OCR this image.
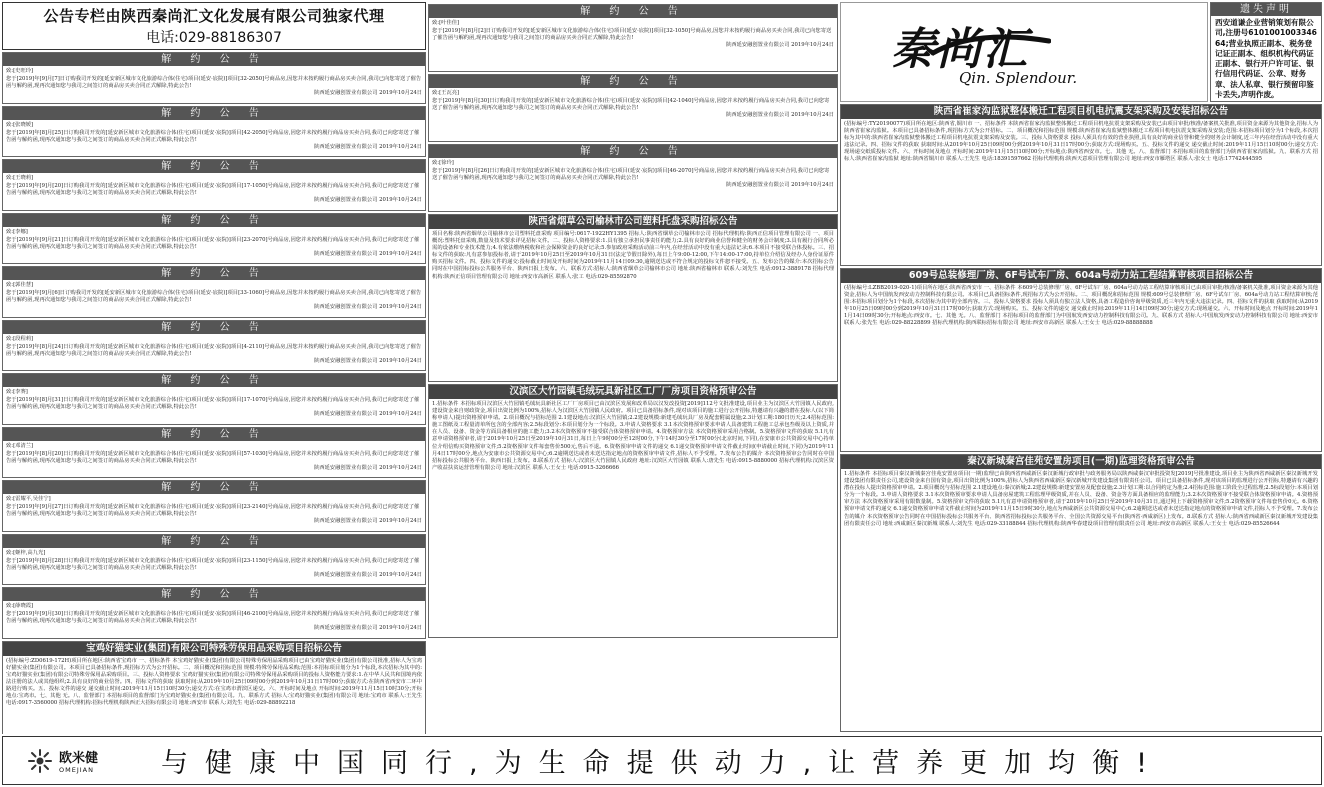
公告专栏由陕西秦尚汇文化发展有限公司独家代理
电话:029-88186307
解 约 公 告
致:[史旺玲]
您于[2019]年[9]月[7]日订购我司开发的[延安新区城市文化旅游综合体(住宅)项目(延安·宸院)]项目[32-2050]号商品房,因您并未按约履行商品房买卖合同,我司已向您寄送了催告函与解约函,现再次通知您与我司之间签订的商品房买卖合同正式解除,特此公告!
陕西延安融创置业有限公司 2019年10月24日
解 约 公 告
致:[张晓媛]
您于[2019]年[8]月[25]日订购我司开发的[延安新区城市文化旅游综合体(住宅)项目(延安·宸院)]项目[42-2050]号商品房,因您并未按约履行商品房买卖合同,我司已向您寄送了催告函与解约函,现再次通知您与我司之间签订的商品房买卖合同正式解除,特此公告!
陕西延安融创置业有限公司 2019年10月24日
解 约 公 告
致:[王晓莉]
您于[2019]年[9]月[20]日订购我司开发的[延安新区城市文化旅游综合体(住宅)项目(延安·宸院)]项目[17-1050]号商品房,因您并未按约履行商品房买卖合同,我司已向您寄送了催告函与解约函,现再次通知您与我司之间签订的商品房买卖合同正式解除,特此公告!
陕西延安融创置业有限公司 2019年10月24日
解 约 公 告
致:[李娜]
您于[2019]年[9]月[21]日订购我司开发的[延安新区城市文化旅游综合体(住宅)项目(延安·宸院)]项目[23-2070]号商品房,因您并未按约履行商品房买卖合同,我司已向您寄送了催告函与解约函,现再次通知您与我司之间签订的商品房买卖合同正式解除,特此公告!
陕西延安融创置业有限公司 2019年10月24日
解 约 公 告
致:[郭佳慧]
您于[2019]年[9]月[6]日订购我司开发的[延安新区城市文化旅游综合体(住宅)项目(延安·宸院)]项目[33-1060]号商品房,因您并未按约履行商品房买卖合同,我司已向您寄送了催告函与解约函,现再次通知您与我司之间签订的商品房买卖合同正式解除,特此公告!
陕西延安融创置业有限公司 2019年10月24日
解 约 公 告
致:[段程莉]
您于[2019]年[8]月[24]日订购我司开发的[延安新区城市文化旅游综合体(住宅)项目(延安·宸院)]项目[4-2110]号商品房,因您并未按约履行商品房买卖合同,我司已向您寄送了催告函与解约函,现再次通知您与我司之间签订的商品房买卖合同正式解除,特此公告!
陕西延安融创置业有限公司 2019年10月24日
解 约 公 告
致:[李赛]
您于[2019]年[8]月[31]日订购我司开发的[延安新区城市文化旅游综合体(住宅)项目(延安·宸院)]项目[17-1070]号商品房,因您并未按约履行商品房买卖合同,我司已向您寄送了催告函与解约函,现再次通知您与我司之间签订的商品房买卖合同正式解除,特此公告!
陕西延安融创置业有限公司 2019年10月24日
解 约 公 告
致:[邓清兰]
您于[2019]年[8]月[20]日订购我司开发的[延安新区城市文化旅游综合体(住宅)项目(延安·宸院)]项目[57-1030]号商品房,因您并未按约履行商品房买卖合同,我司已向您寄送了催告函与解约函,现再次通知您与我司之间签订的商品房买卖合同正式解除,特此公告!
陕西延安融创置业有限公司 2019年10月24日
解 约 公 告
致:[雷耀平,吴佳宁]
您于[2019]年[9]月[27]日订购我司开发的[延安新区城市文化旅游综合体(住宅)项目(延安·宸院)]项目[23-2140]号商品房,因您并未按约履行商品房买卖合同,我司已向您寄送了催告函与解约函,现再次通知您与我司之间签订的商品房买卖合同正式解除,特此公告!
陕西延安融创置业有限公司 2019年10月24日
解 约 公 告
致:[姬梓,高九光]
您于[2019]年[8]月[28]日订购我司开发的[延安新区城市文化旅游综合体(住宅)项目(延安·宸院)]项目[23-1150]号商品房,因您并未按约履行商品房买卖合同,我司已向您寄送了催告函与解约函,现再次通知您与我司之间签订的商品房买卖合同正式解除,特此公告!
陕西延安融创置业有限公司 2019年10月24日
解 约 公 告
致:[薛晓霞]
您于[2019]年[9]月[30]日订购我司开发的[延安新区城市文化旅游综合体(住宅)项目(延安·宸院)]项目[46-2100]号商品房,因您并未按约履行商品房买卖合同,我司已向您寄送了催告函与解约函,现再次通知您与我司之间签订的商品房买卖合同正式解除,特此公告!
陕西延安融创置业有限公司 2019年10月24日
宝鸡好猫实业(集团)有限公司特殊劳保用品采购项目招标公告
(招标编号:ZD0619-172H)项目所在地区:陕西省宝鸡市 一、招标条件 本宝鸡好猫实业(集团)有限公司特殊劳保用品采购项目已由宝鸡好猫实业(集团)有限公司批准,招标人为宝鸡好猫实业(集团)有限公司。本项目已具备招标条件,现招标方式为公开招标。二、项目概况和招标范围 规模:特殊劳保用品采购;范围:本招标项目划分为1个标段,本次招标为其中的:宝鸡好猫实业(集团)有限公司特殊劳保用品采购项目。三、投标人资格要求 宝鸡好猫实业(集团)有限公司特殊劳保用品采购项目的投标人资格能力要求:1.在中华人民共和国境内依法注册的法人或其他组织;2.具有良好的商业信誉。四、招标文件的获取 获取时间:从2019年10月25日09时00分到2019年10月31日17时00分;获取方式:在陕西省西安市二环中路进行购买。五、投标文件的递交 递交截止时间:2019年11月15日10时30分;递交方式:在宝鸡市渭滨区递交。六、开标时间及地点 开标时间:2019年11月15日10时30分;开标地点:宝鸡市。七、其他 无。八、监督部门 本招标项目的监督部门为宝鸡好猫实业(集团)有限公司。九、联系方式 招标人:宝鸡好猫实业(集团)有限公司 地址:宝鸡市 联系人:王先生 电话:0917-3560000 招标代理机构:招标代理机构陕西正大招标有限公司 地址:西安市 联系人:刘先生 电话:029-88892218
解 约 公 告
致:[叶佳佳]
您于[2019]年[8]月[2]日订购我司开发的[延安新区城市文化旅游综合体(住宅)项目(延安·宸院)]项目[32-1050]号商品房,因您并未按约履行商品房买卖合同,我司已向您寄送了催告函与解约函,现再次通知您与我司之间签订的商品房买卖合同正式解除,特此公告!
陕西延安融创置业有限公司 2019年10月24日
解 约 公 告
致:[王瓦亮]
您于[2019]年[8]月[30]日订购我司开发的[延安新区城市文化旅游综合体(住宅)项目(延安·宸院)]项目[42-1040]号商品房,因您并未按约履行商品房买卖合同,我司已向您寄送了催告函与解约函,现再次通知您与我司之间签订的商品房买卖合同正式解除,特此公告!
陕西延安融创置业有限公司 2019年10月24日
解 约 公 告
致:[徐玲]
您于[2019]年[8]月[26]日订购我司开发的[延安新区城市文化旅游综合体(住宅)项目(延安·宸院)]项目[46-2070]号商品房,因您并未按约履行商品房买卖合同,我司已向您寄送了催告函与解约函,现再次通知您与我司之间签订的商品房买卖合同正式解除,特此公告!
陕西延安融创置业有限公司 2019年10月24日
陕西省烟草公司榆林市公司塑料托盘采购招标公告
项目名称:陕西省烟草公司榆林市公司塑料托盘采购 项目编号:0617-1922HY1395 招标人:陕西省烟草公司榆林市公司 招标代理机构:陕西正信项目管理有限公司 一、项目概况:塑料托盘采购,数量及技术要求详见招标文件。二、投标人资格要求:1.具有独立承担民事责任的能力;2.具有良好的商业信誉和健全的财务会计制度;3.具有履行合同所必需的设备和专业技术能力;4.有依法缴纳税收和社会保障资金的良好记录;5.参加政府采购活动前三年内,在经营活动中没有重大违法记录;6.本项目不接受联合体投标。三、招标文件的获取:凡有意参加投标者,请于2019年10月25日至2019年10月31日(法定节假日除外),每日上午9:00-12:00,下午14:00-17:00,持单位介绍信及经办人身份证原件购买招标文件。四、投标文件的递交:投标截止时间及开标时间为2019年11月14日09:30,逾期送达或不符合规定的投标文件恕不接受。五、发布公告的媒介:本次招标公告同时在中国招标投标公共服务平台、陕西日报上发布。六、联系方式:招标人:陕西省烟草公司榆林市公司 地址:陕西省榆林市 联系人:刘先生 电话:0912-3889178 招标代理机构:陕西正信项目管理有限公司 地址:西安市高新区 联系人:张工 电话:029-85592870
汉滨区大竹园镇毛绒玩具新社区工厂厂房项目资格预审公告
1.招标条件 本招标项目汉滨区大竹园镇毛绒玩具新社区工厂厂房项目已由汉滨区发展和改革局以汉发改投资[2019]112号文批准建设,项目业主为汉滨区大竹园镇人民政府,建设资金来自财政资金,项目出资比例为100%,招标人为汉滨区大竹园镇人民政府。项目已具备招标条件,现对该项目的施工进行公开招标,特邀请有兴趣的潜在投标人(以下简称申请人)提出资格预审申请。2.项目概况与招标范围 2.1建设地点:汉滨区大竹园镇;2.2建设规模:新建毛绒玩具厂房及配套附属设施;2.3计划工期:180日历天;2.4招标范围:施工图纸及工程量清单所包含的全部内容;2.5标段划分:本项目划分为一个标段。3.申请人资格要求 3.1本次资格预审要求申请人具备建筑工程施工总承包叁级及以上资质,并在人员、设备、资金等方面具备相应的施工能力;3.2本次资格预审不接受联合体资格预审申请。4.资格预审方法 本次资格预审采用合格制。5.资格预审文件的获取 5.1凡有意申请资格预审者,请于2019年10月25日至2019年10月31日,每日上午9时00分至12时00分,下午14时30分至17时00分(北京时间,下同),在安康市公共资源交易中心持单位介绍信购买资格预审文件;5.2资格预审文件每套售价500元,售后不退。6.资格预审申请文件的递交 6.1递交资格预审申请文件截止时间(申请截止时间,下同)为2019年11月4日17时00分,地点为安康市公共资源交易中心;6.2逾期送达或者未送达指定地点的资格预审申请文件,招标人不予受理。7.发布公告的媒介 本次资格预审公告同时在中国招标投标公共服务平台、陕西日报上发布。8.联系方式 招标人:汉滨区大竹园镇人民政府 地址:汉滨区大竹园镇 联系人:唐先生 电话:0915-8880000 招标代理机构:汉滨区资产收益扶贫运营管理有限公司 地址:汉滨区 联系人:王女士 电话:0915-3266666
秦尚汇
Qin. Splendour.
遗失声明
西安道谦企业营销策划有限公司,注册号610100100334664;营业执照正副本、税务登记证正副本、组织机构代码证正副本、银行开户许可证、银行信用代码证、公章、财务章、法人私章、银行预留印鉴卡丢失,声明作废。
陕西省崔家沟监狱整体搬迁工程项目机电抗震支架采购及安装招标公告
(招标编号:TY20190077)项目所在地区:陕西省,铜川市 一、招标条件 本陕西省崔家沟监狱整体搬迁工程项目机电抗震支架采购及安装已由项目审批/核准/备案机关批准,项目资金来源为其他资金,招标人为陕西省崔家沟监狱。本项目已具备招标条件,现招标方式为公开招标。二、项目概况和招标范围 规模:陕西省崔家沟监狱整体搬迁工程项目机电抗震支架采购及安装;范围:本招标项目划分为1个标段,本次招标为其中的:陕西省崔家沟监狱整体搬迁工程项目机电抗震支架采购及安装。三、投标人资格要求 投标人须具有有效的营业执照,具有良好的商业信誉和健全的财务会计制度,近三年内在经营活动中没有重大违法记录。四、招标文件的获取 获取时间:从2019年10月25日09时00分到2019年10月31日17时00分;获取方式:现场购买。五、投标文件的递交 递交截止时间:2019年11月15日10时00分;递交方式:现场递交纸质投标文件。六、开标时间及地点 开标时间:2019年11月15日10时00分;开标地点:陕西省西安市。七、其他 无。八、监督部门 本招标项目的监督部门为陕西省崔家沟监狱。九、联系方式 招标人:陕西省崔家沟监狱 地址:陕西省铜川市 联系人:王先生 电话:18391597662 招标代理机构:陕西天意项目管理有限公司 地址:西安市雁塔区 联系人:张女士 电话:17742444595
609号总装修理厂房、6F号试车厂房、604a号动力站工程结算审核项目招标公告
(招标编号:LZBB2019-020-1)项目所在地区:陕西省西安市 一、招标条件 本609号总装修理厂房、6F号试车厂房、604a号动力站工程结算审核项目已由项目审批/核准/备案机关批准,项目资金来源为其他资金,招标人为中国航发西安动力控制科技有限公司。本项目已具备招标条件,现招标方式为公开招标。二、项目概况和招标范围 规模:609号总装修理厂房、6F号试车厂房、604a号动力站工程结算审核;范围:本招标项目划分为1个标段,本次招标为其中的全部内容。三、投标人资格要求 投标人须具有独立法人资格,具备工程造价咨询甲级资质,近三年内无重大违法记录。四、招标文件的获取 获取时间:从2019年10月25日09时00分到2019年10月31日17时00分;获取方式:现场购买。五、投标文件的递交 递交截止时间:2019年11月14日09时30分;递交方式:现场递交。六、开标时间及地点 开标时间:2019年11月14日09时30分;开标地点:西安市。七、其他 无。八、监督部门 本招标项目的监督部门为中国航发西安动力控制科技有限公司。九、联系方式 招标人:中国航发西安动力控制科技有限公司 地址:西安市 联系人:张先生 电话:029-88228899 招标代理机构:陕西联标招标有限公司 地址:西安市高新区 联系人:王女士 电话:029-88888888
秦汉新城秦宫佳苑安置房项目(一期)监理资格预审公告
1.招标条件 本招标项目秦汉新城秦宫佳苑安置房项目(一期)监理已由陕西省西咸新区秦汉新城行政审批与政务服务局以陕西咸秦汉审批投资发[2019]号批准建设,项目业主为陕西省西咸新区秦汉新城开发建设集团有限责任公司,建设资金来自国有资金,项目出资比例为100%,招标人为陕西省西咸新区秦汉新城开发建设集团有限责任公司。项目已具备招标条件,现对该项目的监理进行公开招标,特邀请有兴趣的潜在投标人提出资格预审申请。2.项目概况与招标范围 2.1建设地点:秦汉新城;2.2建设规模:新建安置房及配套设施;2.3计划工期:以合同约定为准;2.4招标范围:施工阶段全过程监理;2.5标段划分:本项目划分为一个标段。3.申请人资格要求 3.1本次资格预审要求申请人具备房屋建筑工程监理甲级资质,并在人员、设备、资金等方面具备相应的监理能力;3.2本次资格预审不接受联合体资格预审申请。4.资格预审方法 本次资格预审采用有限数量制。5.资格预审文件的获取 5.1凡有意申请资格预审者,请于2019年10月25日至2019年10月31日,通过网上下载资格预审文件;5.2资格预审文件每套售价0元。6.资格预审申请文件的递交 6.1递交资格预审申请文件截止时间为2019年11月15日9时30分,地点为西咸新区公共资源交易中心;6.2逾期送达或者未送达指定地点的资格预审申请文件,招标人不予受理。7.发布公告的媒介 本次资格预审公告同时在中国招标投标公共服务平台、陕西省招标投标公共服务平台、全国公共资源交易平台(陕西省·西咸新区)上发布。8.联系方式 招标人:陕西省西咸新区秦汉新城开发建设集团有限责任公司 地址:西咸新区秦汉新城 联系人:刘先生 电话:029-33188844 招标代理机构:陕西华春建设项目管理有限责任公司 地址:西安市高新区 联系人:王女士 电话:029-85526644
欧米健
OMEJIAN 与健康中国同行,为生命提供动力,让营养更加均衡!
